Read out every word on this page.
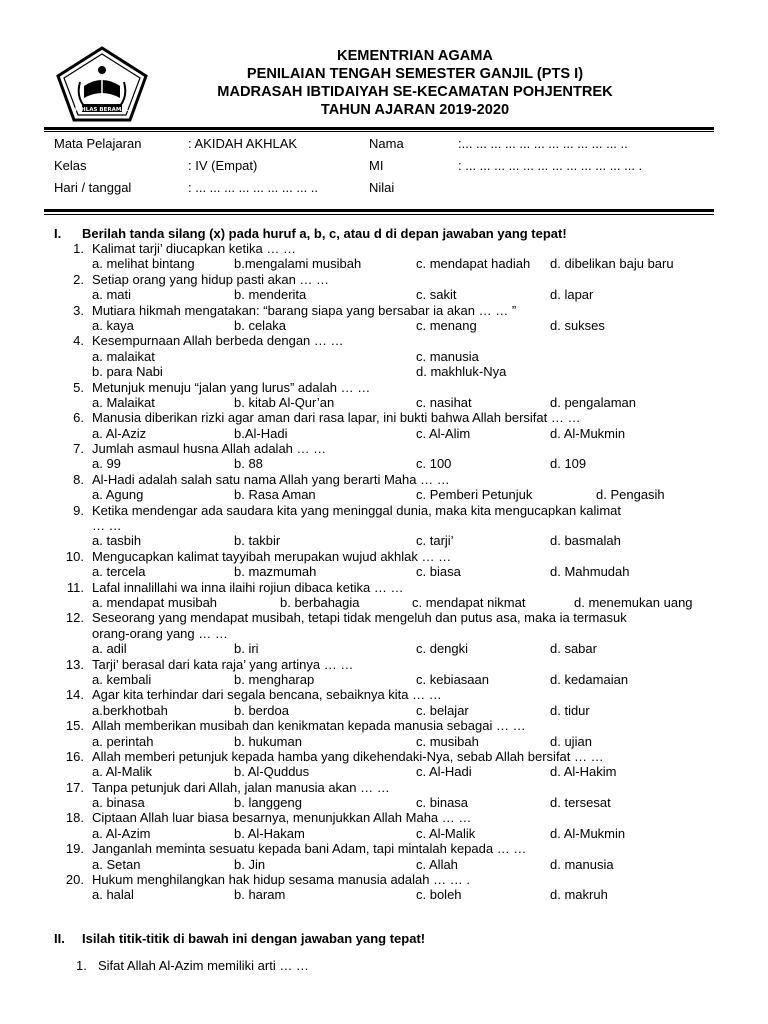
IKHLAS BERAMAL
KEMENTRIAN AGAMA
PENILAIAN TENGAH SEMESTER GANJIL (PTS I)
MADRASAH IBTIDAIYAH SE-KECAMATAN POHJENTREK
TAHUN AJARAN 2019-2020
Mata Pelajaran	: AKIDAH AKHLAK	Nama	:... ... ... ... ... ... ... ... ... ... ... ..
Kelas	: IV (Empat)	MI	: ... ... ... ... ... ... ... ... ... ... ... ... .
Hari / tanggal	: ... ... ... ... ... ... ... ... ..	Nilai
I. Berilah tanda silang (x) pada huruf a, b, c, atau d di depan jawaban yang tepat!
1. Kalimat tarji’ diucapkan ketika … …
a. melihat bintang	b.mengalami musibah	c. mendapat hadiah d. dibelikan baju baru
2. Setiap orang yang hidup pasti akan … …
a. mati	b. menderita	c. sakit	d. lapar
3. Mutiara hikmah mengatakan: “barang siapa yang bersabar ia akan … … ”
a. kaya	b. celaka	c. menang	d. sukses
4. Kesempurnaan Allah berbeda dengan … …
a. malaikat	c. manusia
b. para Nabi	d. makhluk-Nya
5. Metunjuk menuju “jalan yang lurus” adalah … …
a. Malaikat	b. kitab Al-Qur’an	c. nasihat	d. pengalaman
6. Manusia diberikan rizki agar aman dari rasa lapar, ini bukti bahwa Allah bersifat … …
a. Al-Aziz	b.Al-Hadi	c. Al-Alim	d. Al-Mukmin
7. Jumlah asmaul husna Allah adalah … …
a. 99	b. 88	c. 100	d. 109
8. Al-Hadi adalah salah satu nama Allah yang berarti Maha … …
a. Agung	b. Rasa Aman	c. Pemberi Petunjuk	d. Pengasih
9. Ketika mendengar ada saudara kita yang meninggal dunia, maka kita mengucapkan kalimat
… …
a. tasbih	b. takbir	c. tarji’	d. basmalah
10. Mengucapkan kalimat tayyibah merupakan wujud akhlak … …
a. tercela	b. mazmumah	c. biasa	d. Mahmudah
11. Lafal innalillahi wa inna ilaihi rojiun dibaca ketika … …
a. mendapat musibah	b. berbahagia	c. mendapat nikmat	d. menemukan uang
12. Seseorang yang mendapat musibah, tetapi tidak mengeluh dan putus asa, maka ia termasuk
orang-orang yang … …
a. adil	b. iri	c. dengki	d. sabar
13. Tarji’ berasal dari kata raja’ yang artinya … …
a. kembali	b. mengharap	c. kebiasaan	d. kedamaian
14. Agar kita terhindar dari segala bencana, sebaiknya kita … …
a.berkhotbah	b. berdoa	c. belajar	d. tidur
15. Allah memberikan musibah dan kenikmatan kepada manusia sebagai … …
a. perintah	b. hukuman	c. musibah	d. ujian
16. Allah memberi petunjuk kepada hamba yang dikehendaki-Nya, sebab Allah bersifat … …
a. Al-Malik	b. Al-Quddus	c. Al-Hadi	d. Al-Hakim
17. Tanpa petunjuk dari Allah, jalan manusia akan … …
a. binasa	b. langgeng	c. binasa	d. tersesat
18. Ciptaan Allah luar biasa besarnya, menunjukkan Allah Maha … …
a. Al-Azim	b. Al-Hakam	c. Al-Malik	d. Al-Mukmin
19. Janganlah meminta sesuatu kepada bani Adam, tapi mintalah kepada … …
a. Setan	b. Jin	c. Allah	d. manusia
20. Hukum menghilangkan hak hidup sesama manusia adalah … … .
a. halal	b. haram	c. boleh	d. makruh
II. Isilah titik-titik di bawah ini dengan jawaban yang tepat!
1. Sifat Allah Al-Azim memiliki arti … …
